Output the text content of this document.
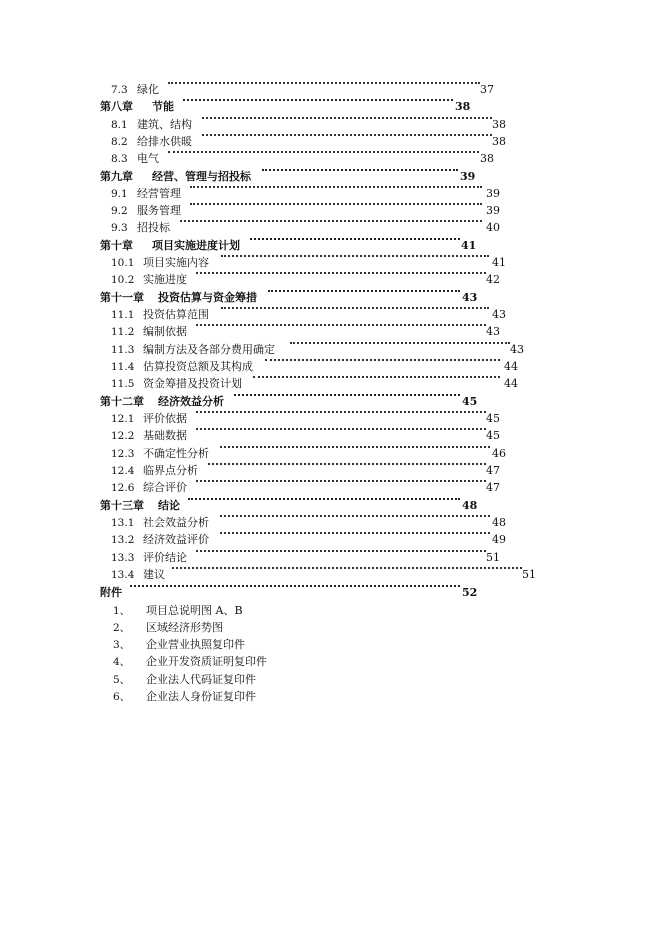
7.3 绿化	37
第八章 节能	38
8.1 建筑、结构	38
8.2 给排水供暖	38
8.3 电气	38
第九章 经营、管理与招投标	39
9.1 经营管理	39
9.2 服务管理	39
9.3 招投标	40
第十章 项目实施进度计划	41
10.1 项目实施内容	41
10.2 实施进度	42
第十一章 投资估算与资金筹措	43
11.1 投资估算范围	43
11.2 编制依据	43
11.3 编制方法及各部分费用确定	43
11.4 估算投资总额及其构成	44
11.5 资金筹措及投资计划	44
第十二章 经济效益分析	45
12.1 评价依据	45
12.2 基础数据	45
12.3 不确定性分析	46
12.4 临界点分析	47
12.6 综合评价	47
第十三章 结论	48
13.1 社会效益分析	48
13.2 经济效益评价	49
13.3 评价结论	51
13.4 建议	51
附件	52
1、 项目总说明图 A、B
2、 区域经济形势图
3、 企业营业执照复印件
4、 企业开发资质证明复印件
5、 企业法人代码证复印件
6、 企业法人身份证复印件
